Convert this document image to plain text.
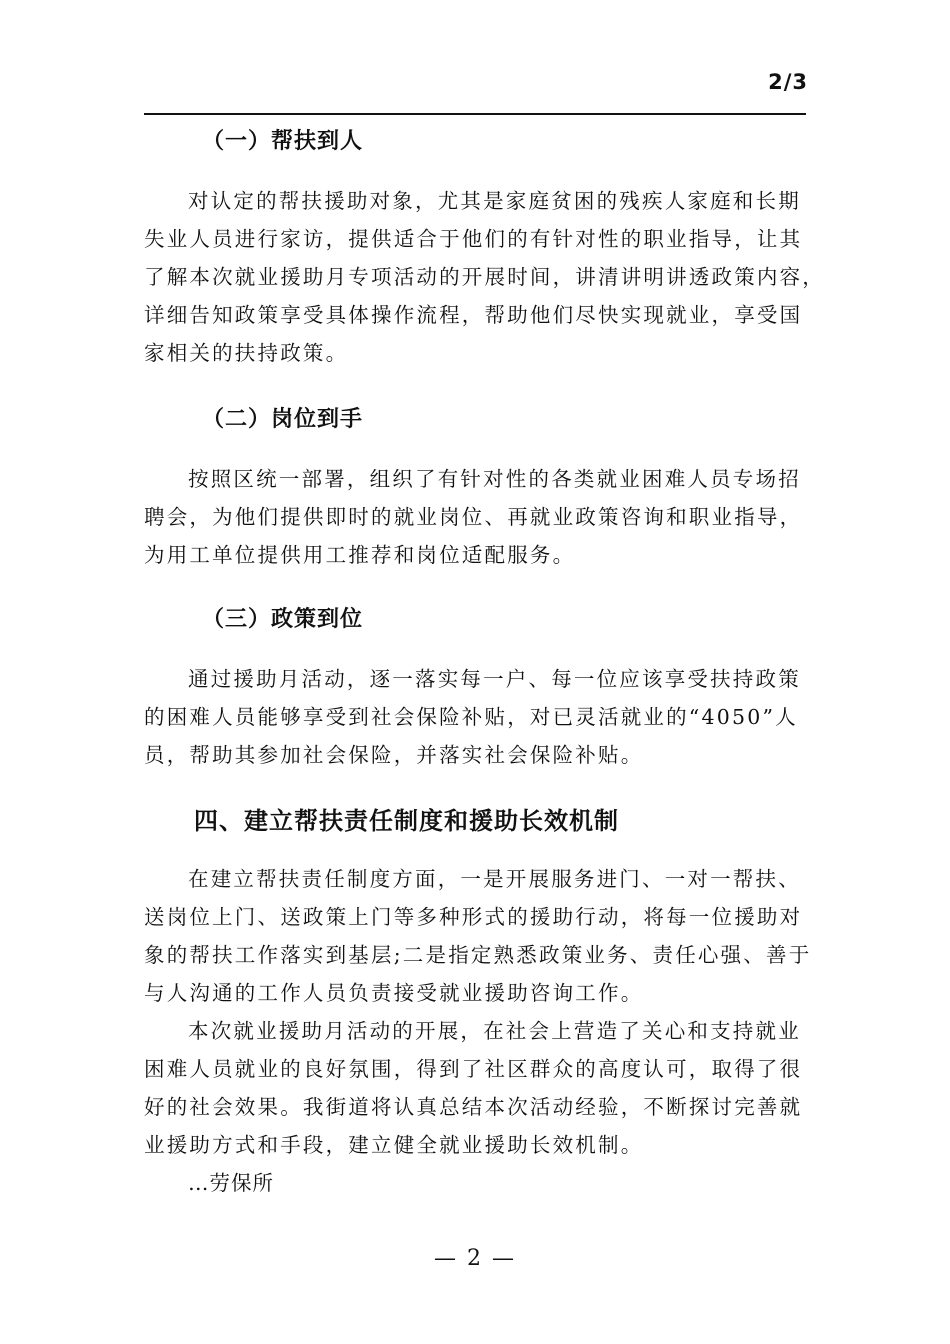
2/3
（一）帮扶到人
对认定的帮扶援助对象，尤其是家庭贫困的残疾人家庭和长期
失业人员进行家访，提供适合于他们的有针对性的职业指导，让其
了解本次就业援助月专项活动的开展时间，讲清讲明讲透政策内容，
详细告知政策享受具体操作流程，帮助他们尽快实现就业，享受国
家相关的扶持政策。
（二）岗位到手
按照区统一部署，组织了有针对性的各类就业困难人员专场招
聘会，为他们提供即时的就业岗位、再就业政策咨询和职业指导，
为用工单位提供用工推荐和岗位适配服务。
（三）政策到位
通过援助月活动，逐一落实每一户、每一位应该享受扶持政策
的困难人员能够享受到社会保险补贴，对已灵活就业的“4050”人
员，帮助其参加社会保险，并落实社会保险补贴。
四、建立帮扶责任制度和援助长效机制
在建立帮扶责任制度方面，一是开展服务进门、一对一帮扶、
送岗位上门、送政策上门等多种形式的援助行动，将每一位援助对
象的帮扶工作落实到基层;二是指定熟悉政策业务、责任心强、善于
与人沟通的工作人员负责接受就业援助咨询工作。
本次就业援助月活动的开展，在社会上营造了关心和支持就业
困难人员就业的良好氛围，得到了社区群众的高度认可，取得了很
好的社会效果。我街道将认真总结本次活动经验，不断探讨完善就
业援助方式和手段，建立健全就业援助长效机制。
…劳保所
— 2 —
